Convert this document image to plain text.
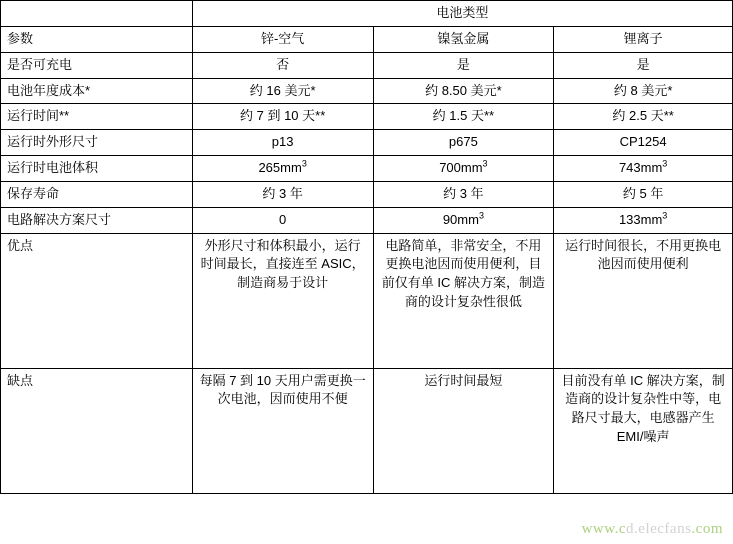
	电池类型		
参数	锌-空气	镍氢金属	锂离子
是否可充电	否	是	是
电池年度成本*	约 16 美元*	约 8.50 美元*	约 8 美元*
运行时间**	约 7 到 10 天**	约 1.5 天**	约 2.5 天**
运行时外形尺寸	p13	p675	CP1254
运行时电池体积	$265mm^3$	$700mm^3$	$743mm^3$
保存寿命	约 3 年	约 3 年	约 5 年
电路解决方案尺寸	0	$90mm^3$	$133mm^3$
优点	外形尺寸和体积最小，运行时间最长，直接连至 ASIC，制造商易于设计	电路简单，非常安全，不用更换电池因而使用便利，目前仅有单 IC 解决方案，制造商的设计复杂性很低	运行时间很长，不用更换电池因而使用便利
缺点	每隔 7 到 10 天用户需更换一次电池，因而使用不便	运行时间最短	目前没有单 IC 解决方案，制造商的设计复杂性中等，电路尺寸最大，电感器产生 EMI/噪声
www.cd.elecfans.com
